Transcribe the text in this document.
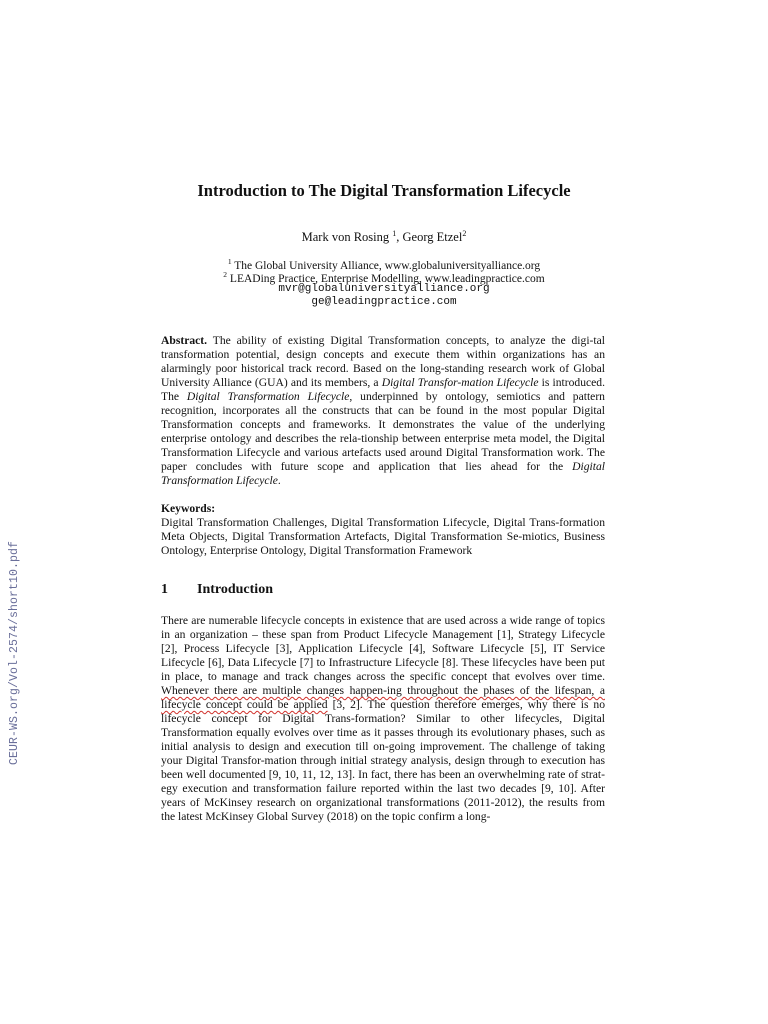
CEUR-WS.org/Vol-2574/short10.pdf
Introduction to The Digital Transformation Lifecycle
Mark von Rosing $^1$, Georg Etzel$^2$
$^1$ The Global University Alliance, www.globaluniversityalliance.org
$^2$ LEADing Practice, Enterprise Modelling, www.leadingpractice.com
mvr@globaluniversityalliance.org
ge@leadingpractice.com

Abstract. The ability of existing Digital Transformation concepts, to analyze the digi-tal transformation potential, design concepts and execute them within organizations has an alarmingly poor historical track record. Based on the long-standing research work of Global University Alliance (GUA) and its members, a Digital Transfor-mation Lifecycle is introduced. The Digital Transformation Lifecycle, underpinned by ontology, semiotics and pattern recognition, incorporates all the constructs that can be found in the most popular Digital Transformation concepts and frameworks. It demonstrates the value of the underlying enterprise ontology and describes the rela-tionship between enterprise meta model, the Digital Transformation Lifecycle and various artefacts used around Digital Transformation work. The paper concludes with future scope and application that lies ahead for the Digital Transformation Lifecycle.

Keywords:

Digital Transformation Challenges, Digital Transformation Lifecycle, Digital Trans-formation Meta Objects, Digital Transformation Artefacts, Digital Transformation Se-miotics, Business Ontology, Enterprise Ontology, Digital Transformation Framework

1 Introduction

There are numerable lifecycle concepts in existence that are used across a wide range of topics in an organization – these span from Product Lifecycle Management [1], Strategy Lifecycle [2], Process Lifecycle [3], Application Lifecycle [4], Software Lifecycle [5], IT Service Lifecycle [6], Data Lifecycle [7] to Infrastructure Lifecycle [8]. These lifecycles have been put in place, to manage and track changes across the specific concept that evolves over time. Whenever there are multiple changes happen-ing throughout the phases of the lifespan, a lifecycle concept could be applied [3, 2]. The question therefore emerges, why there is no lifecycle concept for Digital Trans-formation? Similar to other lifecycles, Digital Transformation equally evolves over time as it passes through its evolutionary phases, such as initial analysis to design and execution till on-going improvement. The challenge of taking your Digital Transfor-mation through initial strategy analysis, design through to execution has been well documented [9, 10, 11, 12, 13]. In fact, there has been an overwhelming rate of strat-egy execution and transformation failure reported within the last two decades [9, 10]. After years of McKinsey research on organizational transformations (2011-2012), the results from the latest McKinsey Global Survey (2018) on the topic confirm a long-
